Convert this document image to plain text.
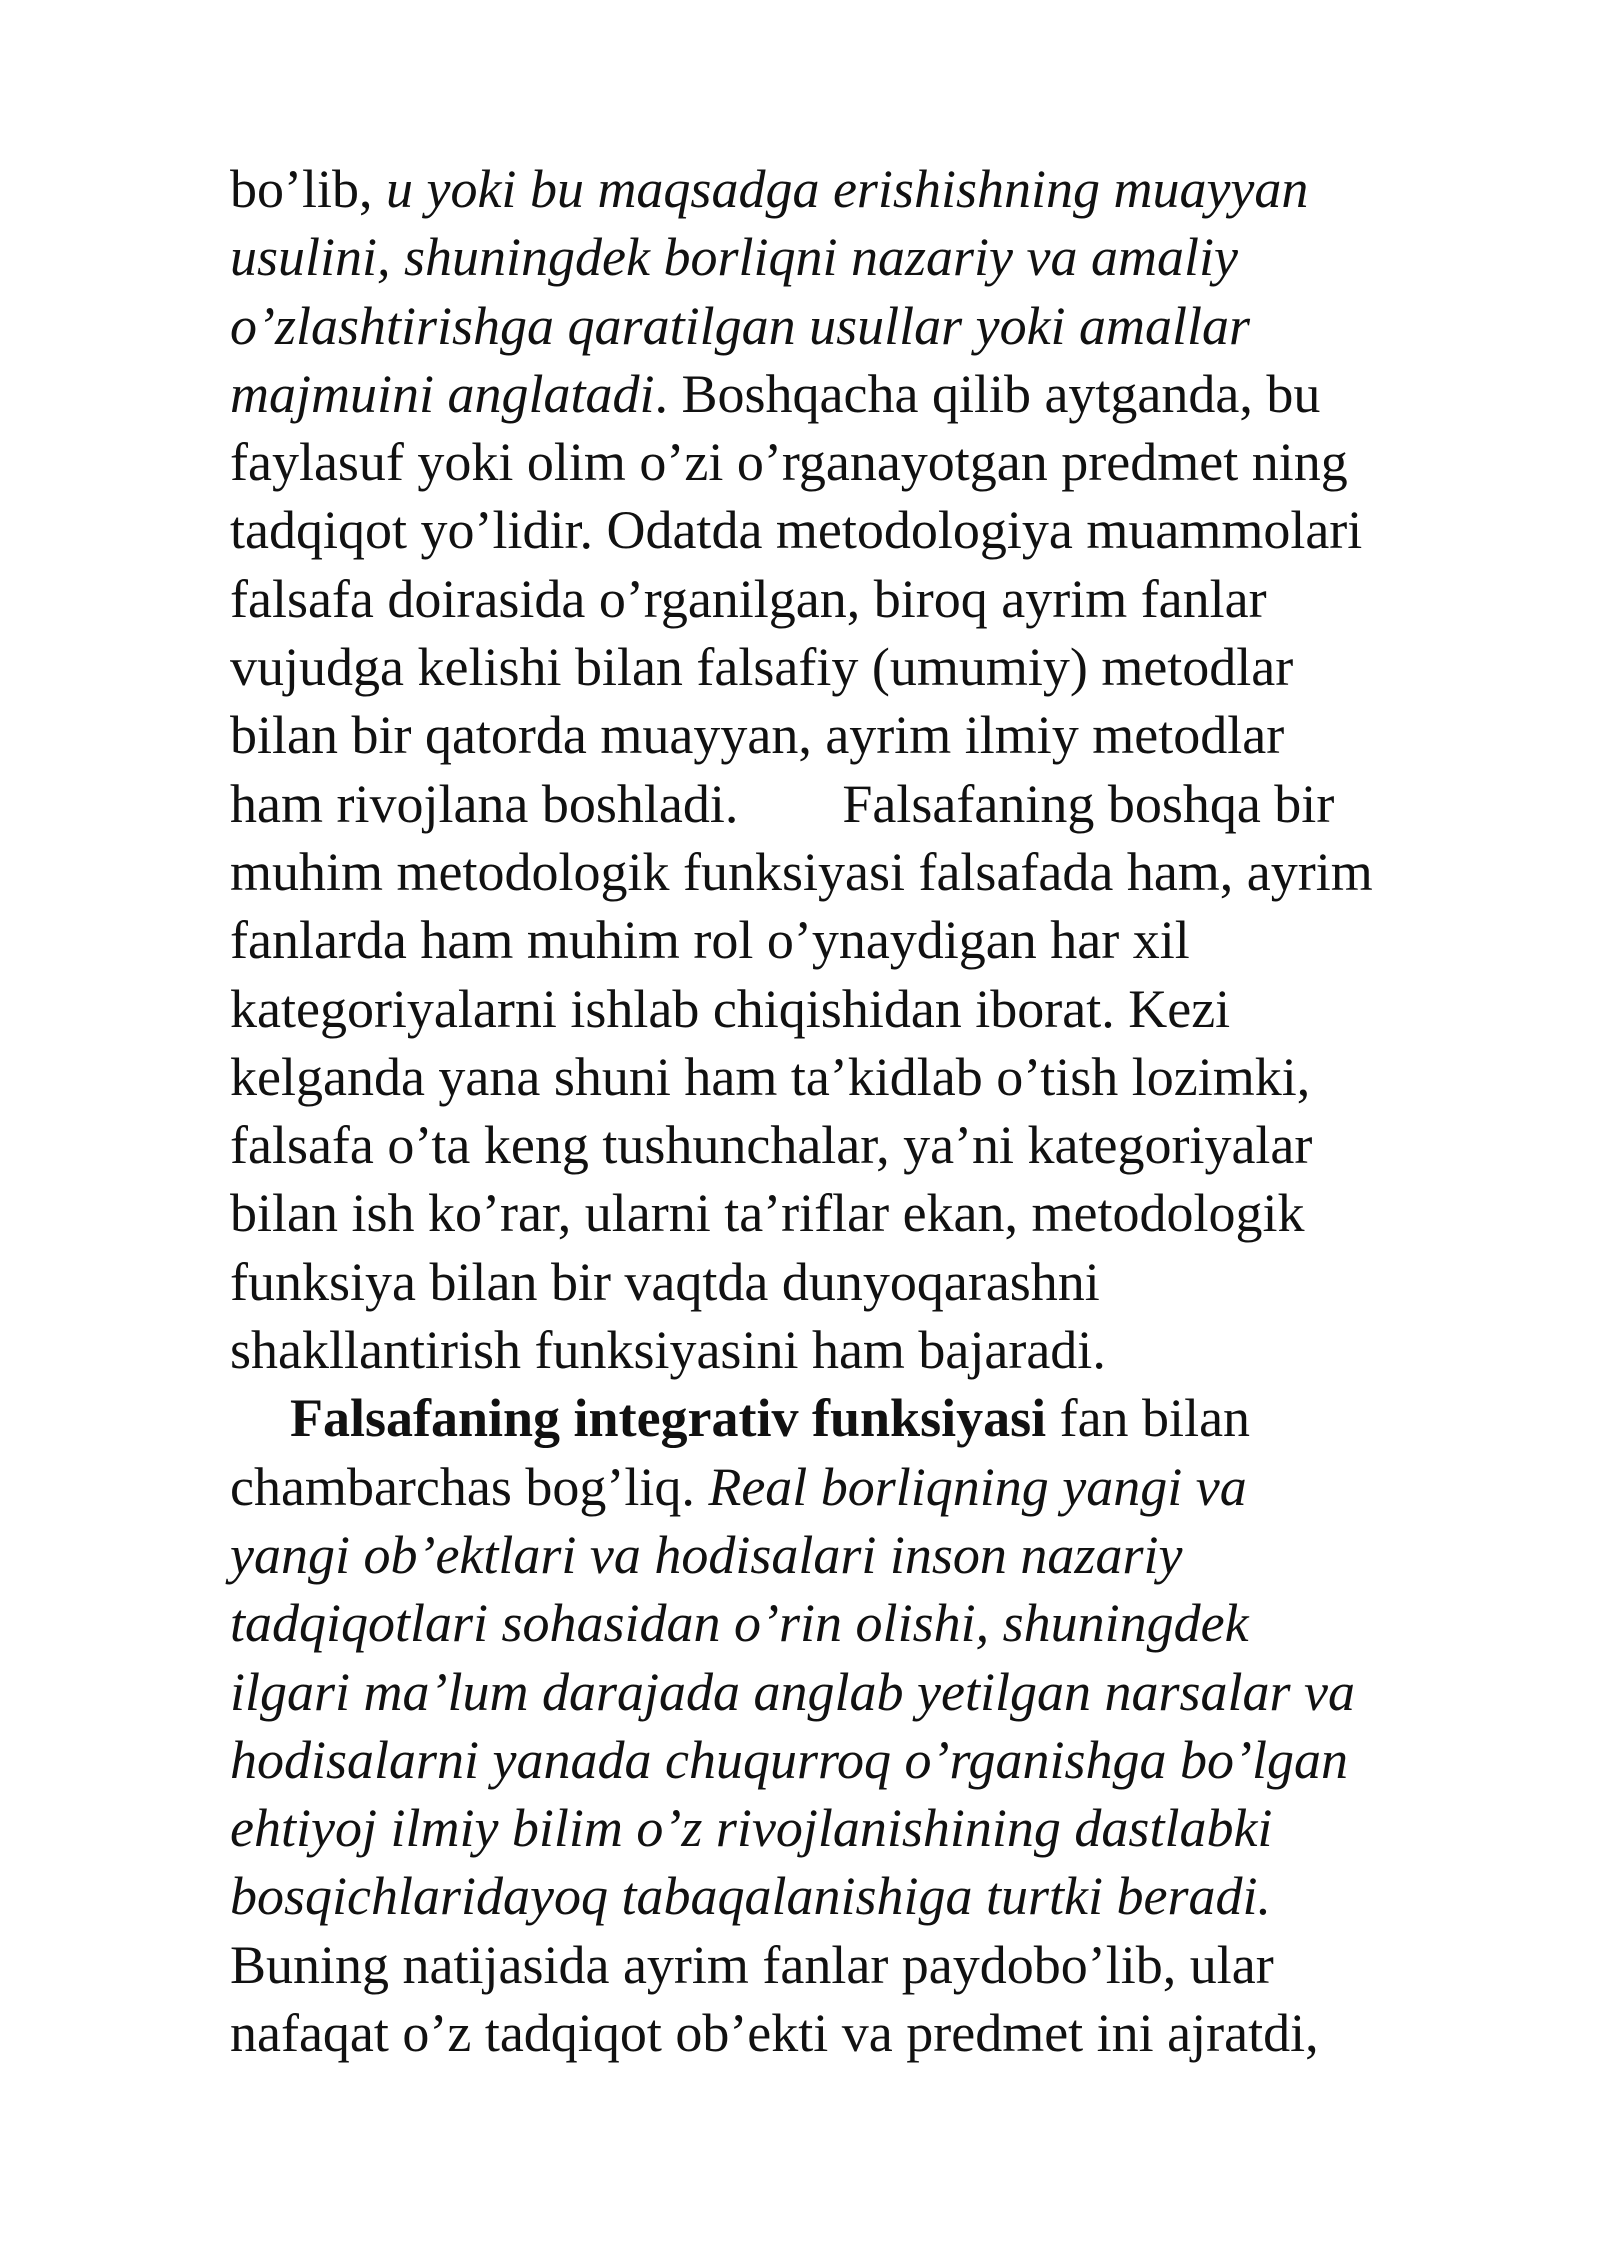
bo’lib, u yoki bu maqsadga erishishning muayyan
usulini, shuningdek borliqni nazariy va amaliy
o’zlashtirishga qaratilgan usullar yoki amallar
majmuini anglatadi. Boshqacha qilib aytganda, bu
faylasuf yoki olim o’zi o’rganayotgan predmet ning
tadqiqot yo’lidir. Odatda metodologiya muammolari
falsafa doirasida o’rganilgan, biroq ayrim fanlar
vujudga kelishi bilan falsafiy (umumiy) metodlar
bilan bir qatorda muayyan, ayrim ilmiy metodlar
ham rivojlana boshladi. Falsafaning boshqa bir
muhim metodologik funksiyasi falsafada ham, ayrim
fanlarda ham muhim rol o’ynaydigan har xil
kategoriyalarni ishlab chiqishidan iborat. Kezi
kelganda yana shuni ham ta’kidlab o’tish lozimki,
falsafa o’ta keng tushunchalar, ya’ni kategoriyalar
bilan ish ko’rar, ularni ta’riflar ekan, metodologik
funksiya bilan bir vaqtda dunyoqarashni
shakllantirish funksiyasini ham bajaradi.
Falsafaning integrativ funksiyasi fan bilan
chambarchas bog’liq. Real borliqning yangi va
yangi ob’ektlari va hodisalari inson nazariy
tadqiqotlari sohasidan o’rin olishi, shuningdek
ilgari ma’lum darajada anglab yetilgan narsalar va
hodisalarni yanada chuqurroq o’rganishga bo’lgan
ehtiyoj ilmiy bilim o’z rivojlanishining dastlabki
bosqichlaridayoq tabaqalanishiga turtki beradi.
Buning natijasida ayrim fanlar paydobo’lib, ular
nafaqat o’z tadqiqot ob’ekti va predmet ini ajratdi,
